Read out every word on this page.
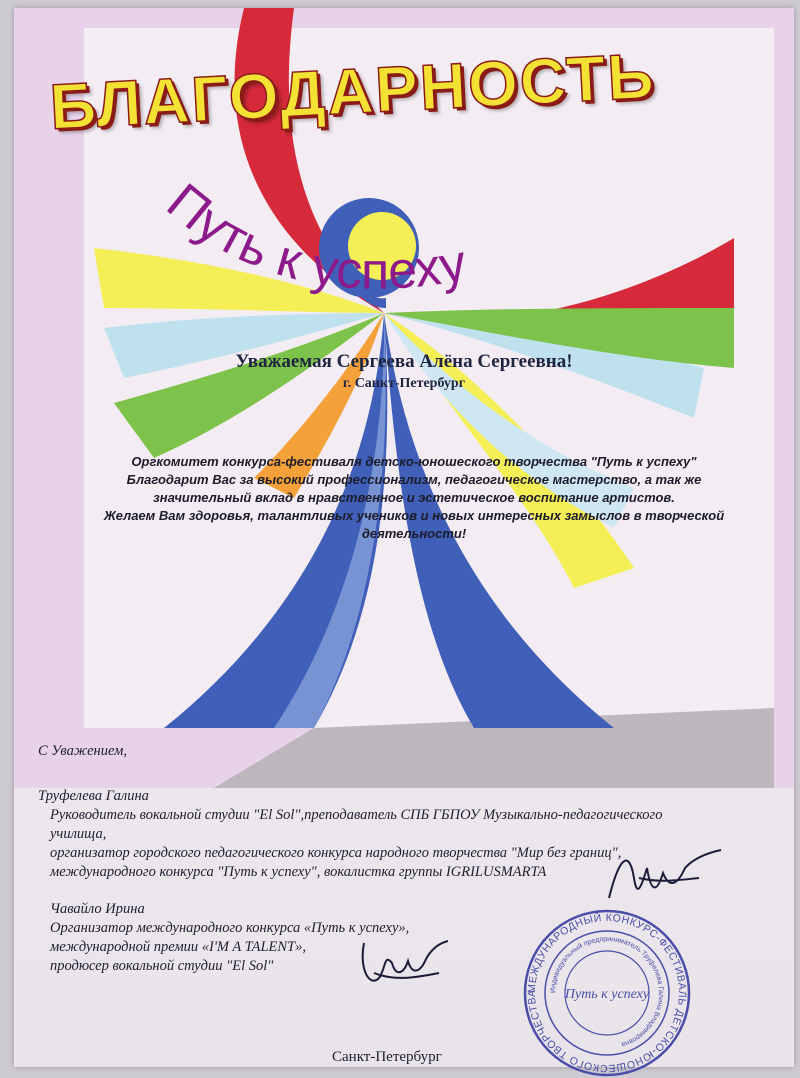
Путь к успеху
БЛАГОДАРНОСТЬ
Уважаемая Сергеева Алёна Сергеевна!
г. Санкт-Петербург
Оргкомитет конкурса-фестиваля детско-юношеского творчества "Путь к успеху"
Благодарит Вас за высокий профессионализм, педагогическое мастерство, а так же
значительный вклад в нравственное и эстетическое воспитание артистов.
Желаем Вам здоровья, талантливых учеников и новых интересных замыслов в творческой
деятельности!
С Уважением,
Труфелева Галина
Руководитель вокальной студии "El Sol",преподаватель СПБ ГБПОУ Музыкально-педагогического
училища,
организатор городского педагогического конкурса народного творчества "Мир без границ",
международного конкурса "Путь к успеху", вокалистка группы IGRILUSMARTA
Чавайло Ирина
Организатор международного конкурса «Путь к успеху»,
международной премии «I'M A TALENT»,
продюсер вокальной студии "El Sol"
МЕЖДУНАРОДНЫЙ КОНКУРС-ФЕСТИВАЛЬ ДЕТСКО-ЮНОШЕСКОГО ТВОРЧЕСТВА	Индивидуальный предприниматель Труфелева Галина Владимировна
Путь к успеху
Санкт-Петербург
